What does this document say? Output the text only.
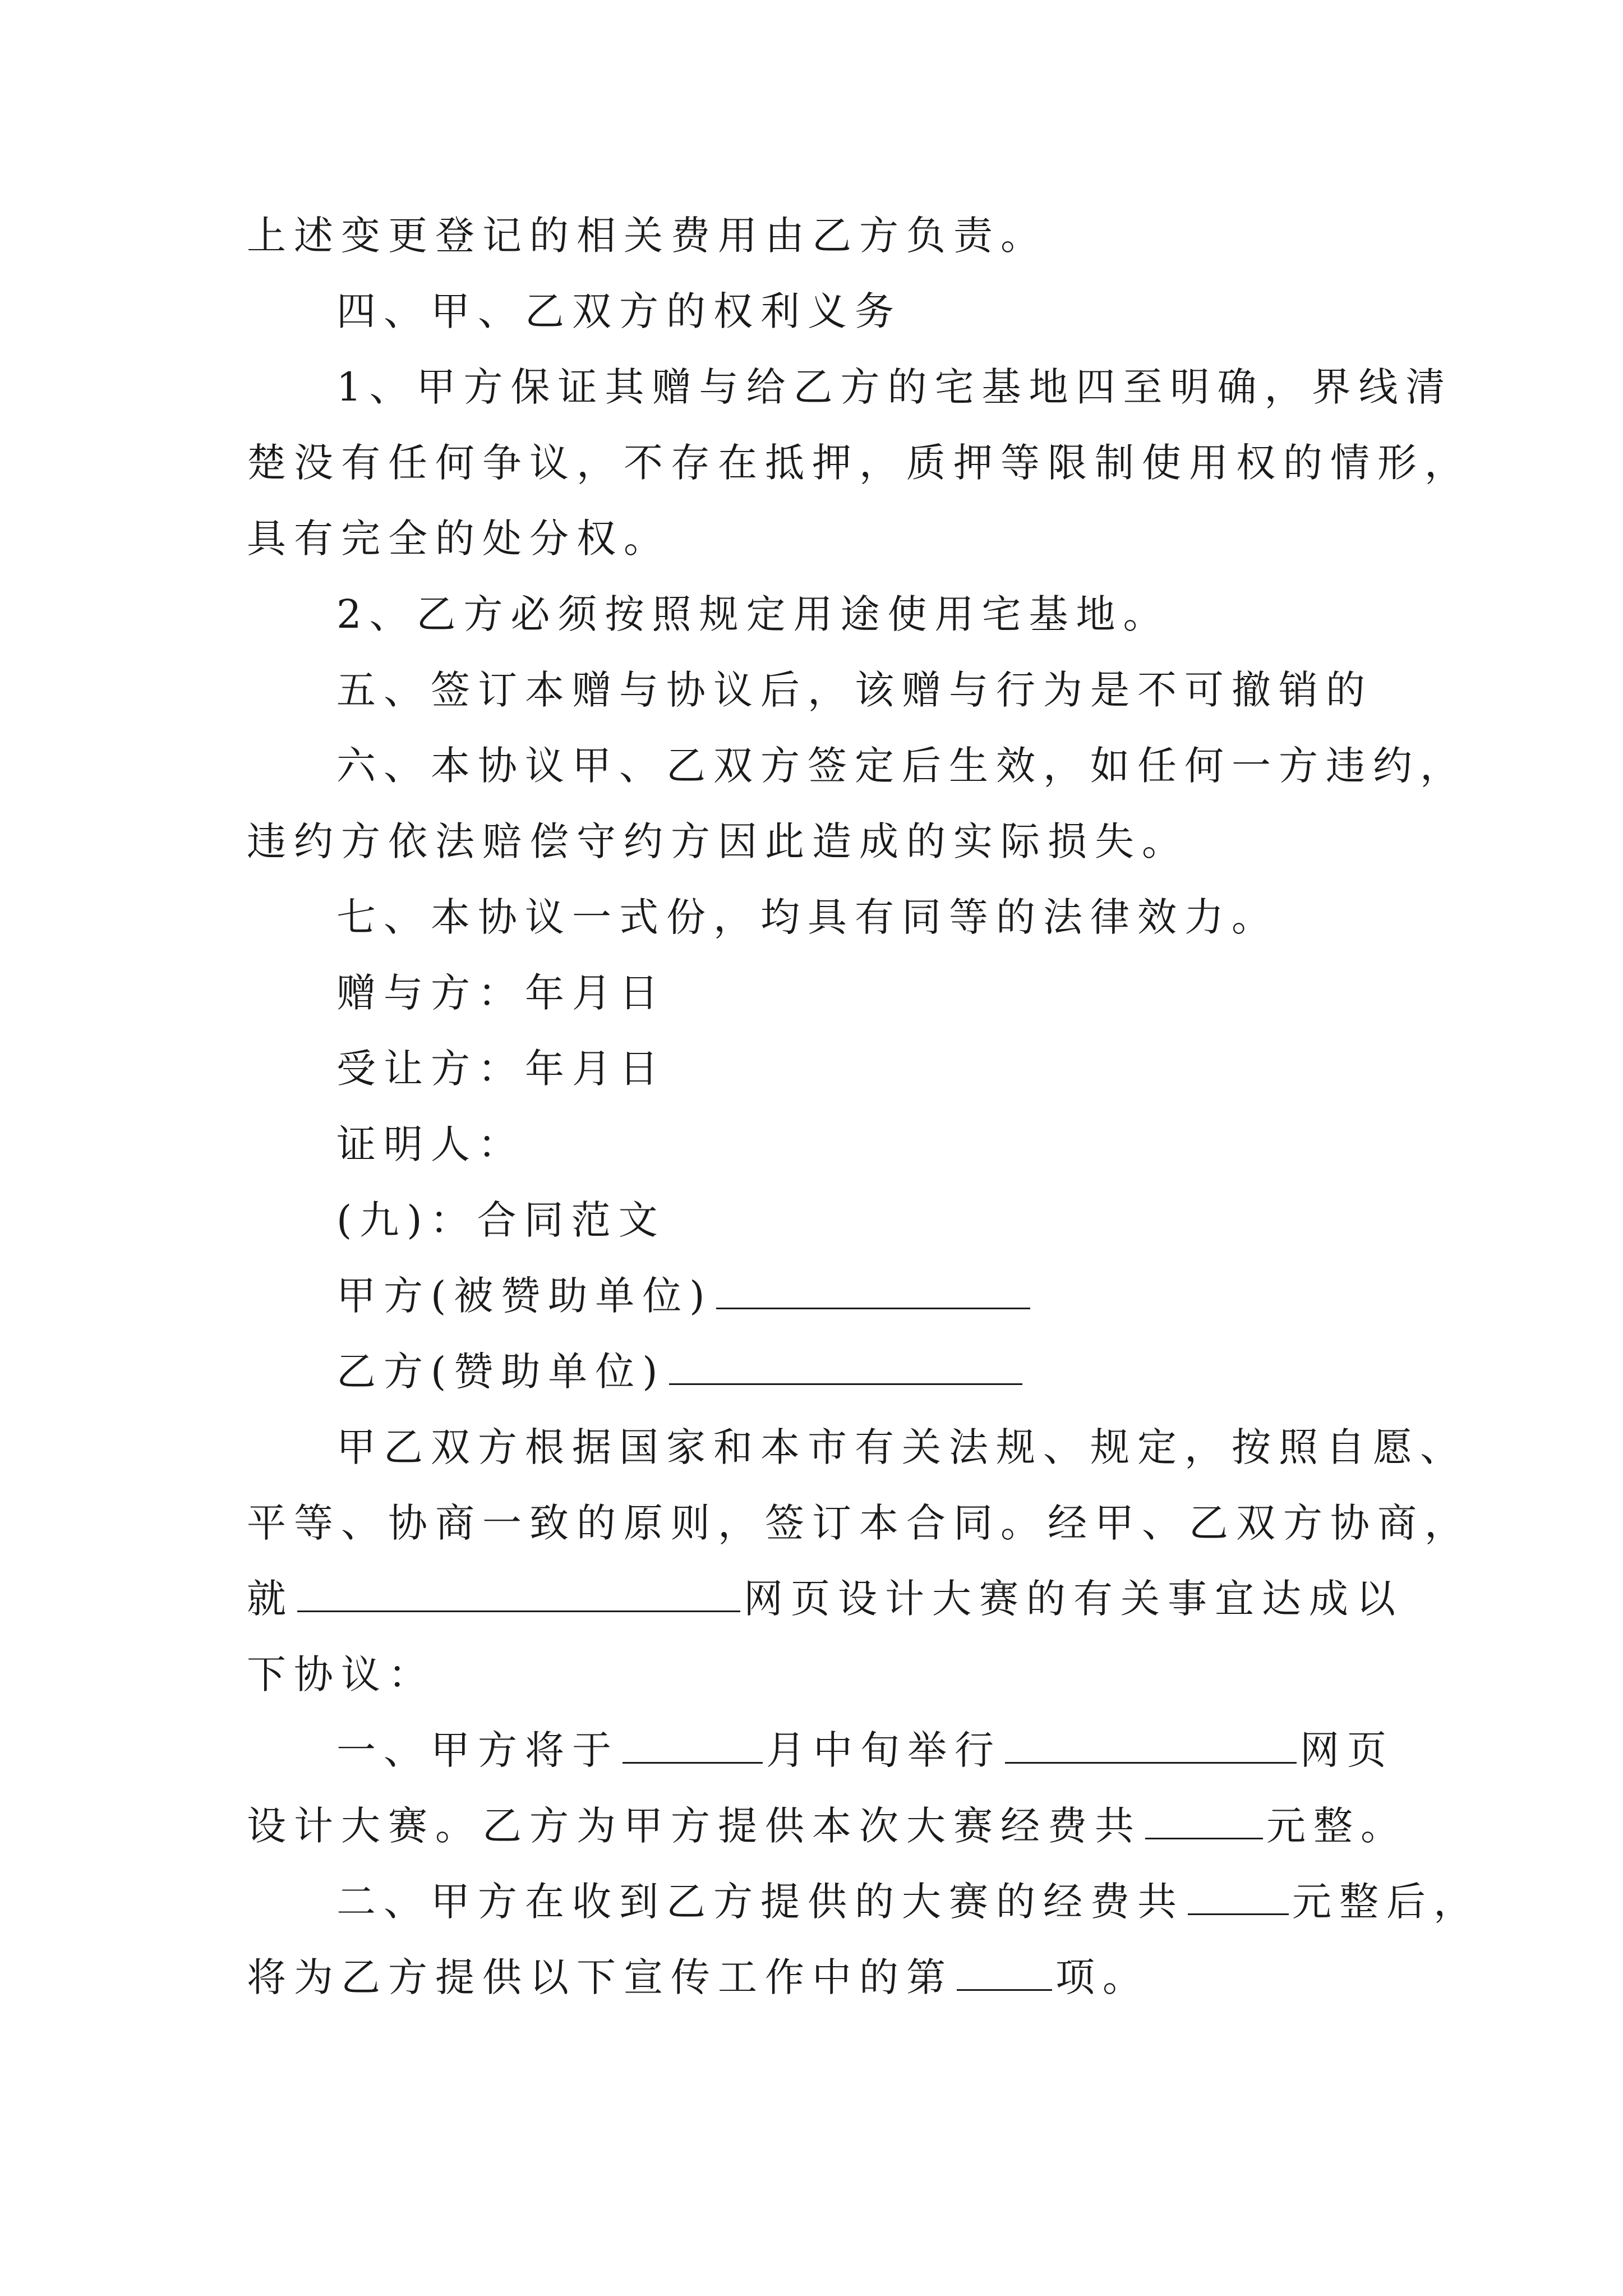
上述变更登记的相关费用由乙方负责。
四、甲、乙双方的权利义务
1、甲方保证其赠与给乙方的宅基地四至明确，界线清
楚没有任何争议，不存在抵押，质押等限制使用权的情形，
具有完全的处分权。
2、乙方必须按照规定用途使用宅基地。
五、签订本赠与协议后，该赠与行为是不可撤销的
六、本协议甲、乙双方签定后生效，如任何一方违约，
违约方依法赔偿守约方因此造成的实际损失。
七、本协议一式份，均具有同等的法律效力。
赠与方：年月日
受让方：年月日
证明人：
(九)：合同范文
甲方(被赞助单位)
乙方(赞助单位)
甲乙双方根据国家和本市有关法规、规定，按照自愿、
平等、协商一致的原则，签订本合同。经甲、乙双方协商，
就	网页设计大赛的有关事宜达成以
下协议：
一、甲方将于	月中旬举行	网页
设计大赛。乙方为甲方提供本次大赛经费共	元整。
二、甲方在收到乙方提供的大赛的经费共	元整后，
将为乙方提供以下宣传工作中的第	项。
